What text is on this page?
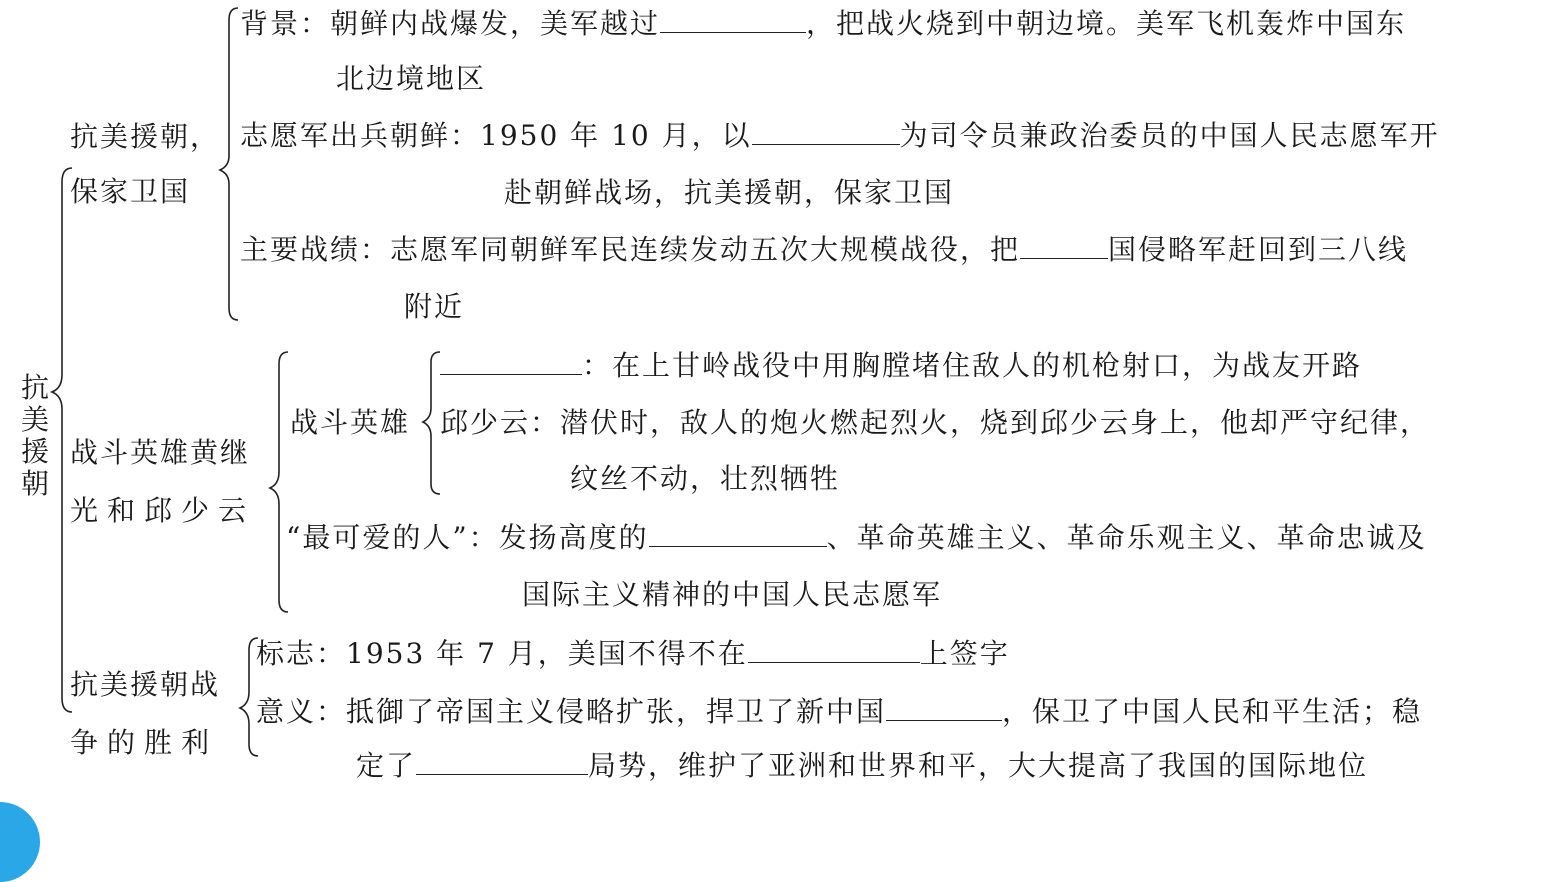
抗美援朝
抗美援朝，
保家卫国
背景：朝鲜内战爆发，美军越过	，把战火烧到中朝边境。美军飞机轰炸中国东
北边境地区
志愿军出兵朝鲜：1950 年 10 月，以	为司令员兼政治委员的中国人民志愿军开
赴朝鲜战场，抗美援朝，保家卫国
主要战绩：志愿军同朝鲜军民连续发动五次大规模战役，把	国侵略军赶回到三八线
附近
战斗英雄黄继
光和邱少云
战斗英雄
：在上甘岭战役中用胸膛堵住敌人的机枪射口，为战友开路
邱少云：潜伏时，敌人的炮火燃起烈火，烧到邱少云身上，他却严守纪律，
纹丝不动，壮烈牺牲
“最可爱的人”：发扬高度的	、革命英雄主义、革命乐观主义、革命忠诚及
国际主义精神的中国人民志愿军
抗美援朝战
争的胜利
标志：1953 年 7 月，美国不得不在	上签字
意义：抵御了帝国主义侵略扩张，捍卫了新中国	，保卫了中国人民和平生活；稳
定了	局势，维护了亚洲和世界和平，大大提高了我国的国际地位
